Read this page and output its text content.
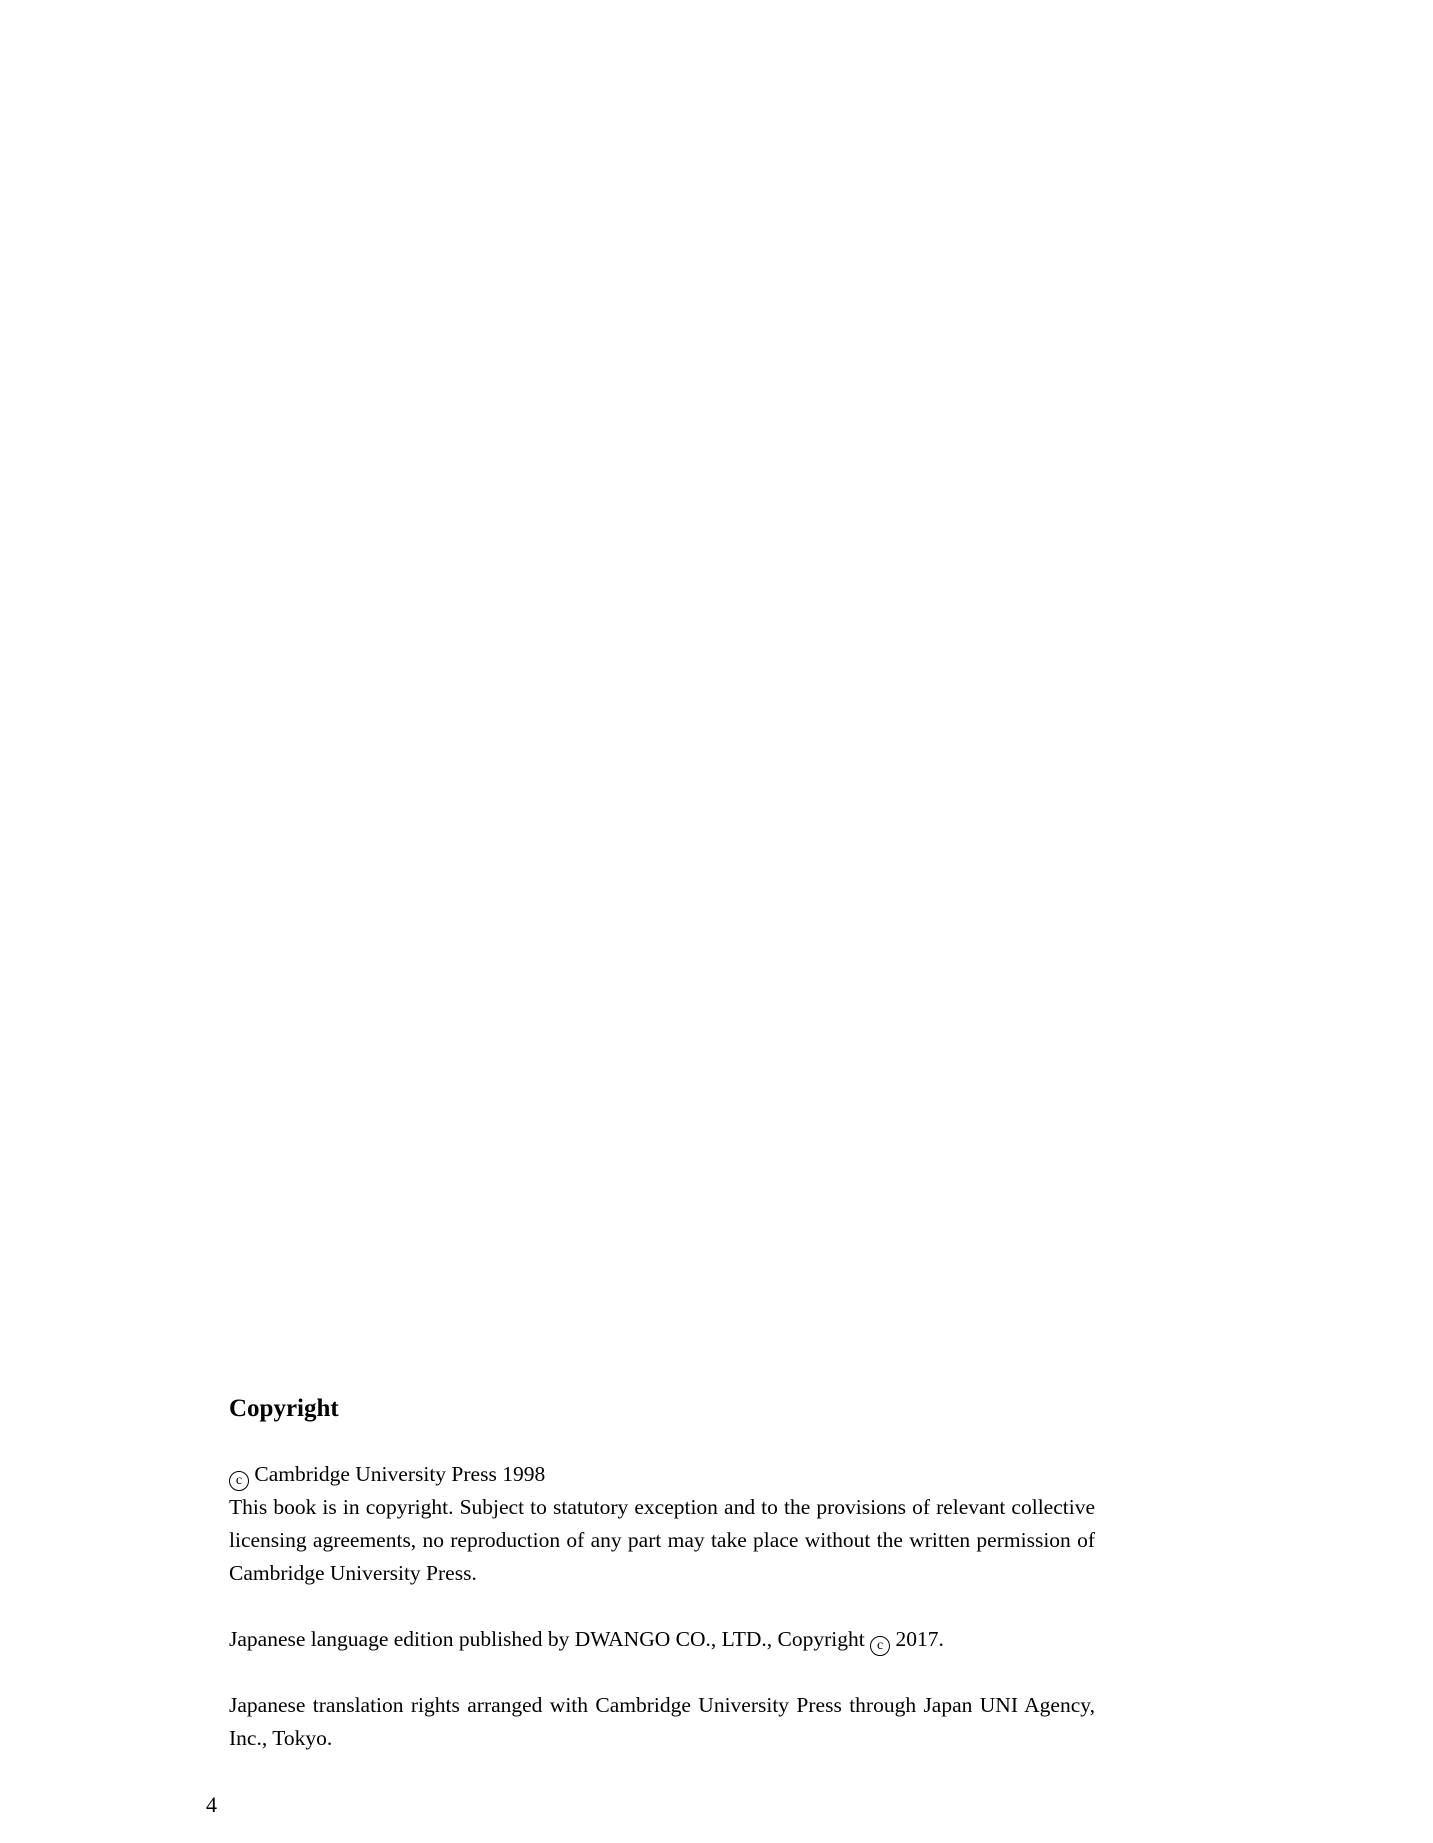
Copyright

c Cambridge University Press 1998

This book is in copyright. Subject to statutory exception and to the provisions of relevant collective licensing agreements, no reproduction of any part may take place without the written permission of Cambridge University Press.

Japanese language edition published by DWANGO CO., LTD., Copyright c 2017.

Japanese translation rights arranged with Cambridge University Press through Japan UNI Agency, Inc., Tokyo.

4
